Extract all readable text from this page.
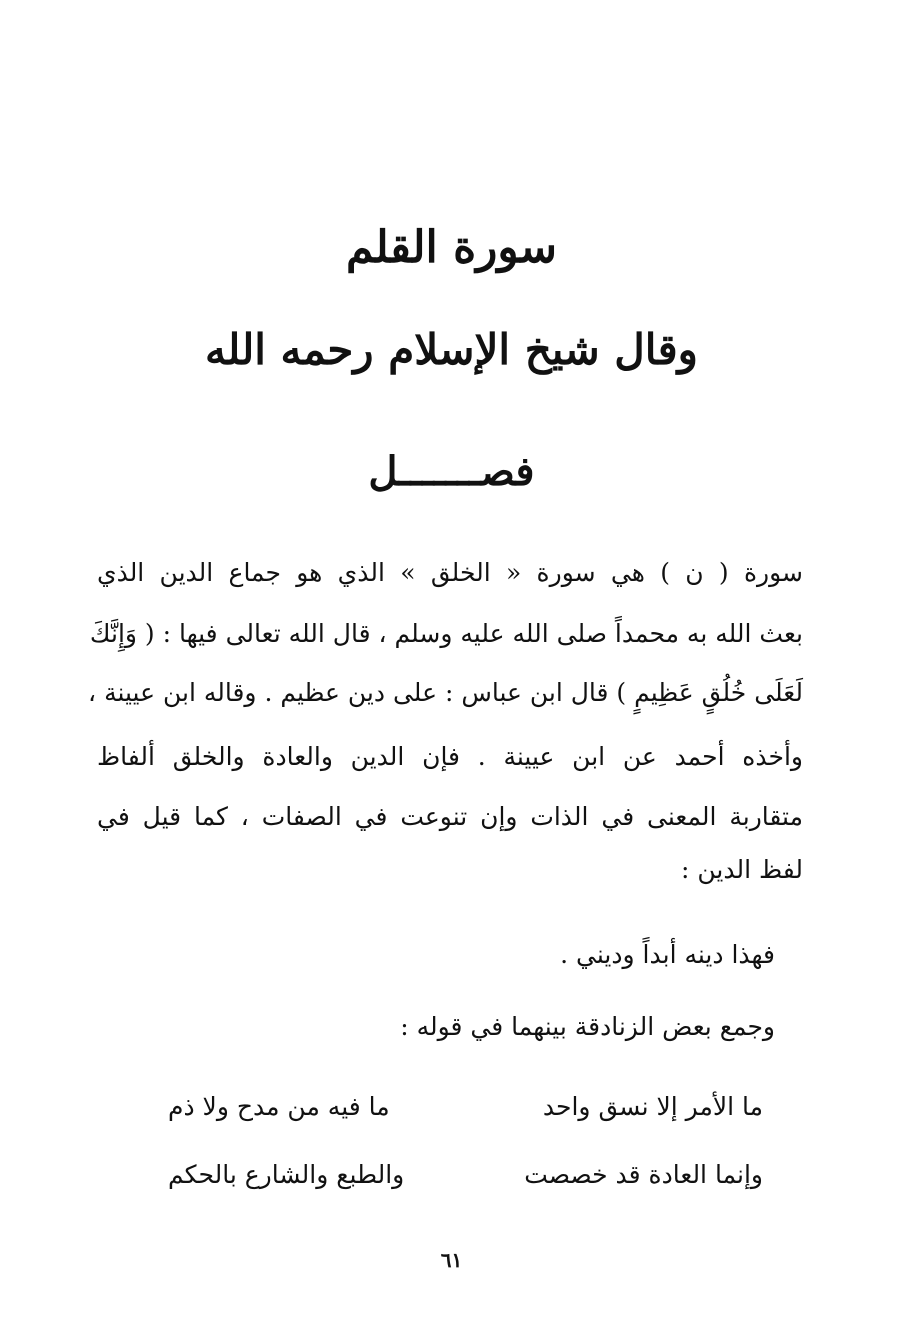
سورة القلم
وقال شيخ الإسلام رحمه الله
فصـــــــل
سورة ( ن ) هي سورة « الخلق » الذي هو جماع الدين الذي
بعث الله به محمداً صلى الله عليه وسلم ، قال الله تعالى فيها : ( وَإِنَّكَ
لَعَلَى خُلُقٍ عَظِيمٍ ) قال ابن عباس : على دين عظيم . وقاله ابن عيينة ،
وأخذه أحمد عن ابن عيينة . فإن الدين والعادة والخلق ألفاظ
متقاربة المعنى في الذات وإن تنوعت في الصفات ، كما قيل في
لفظ الدين :
فهذا دينه أبداً وديني .
وجمع بعض الزنادقة بينهما في قوله :
ما الأمر إلا نسق واحد
ما فيه من مدح ولا ذم
وإنما العادة قد خصصت
والطبع والشارع بالحكم
٦١
